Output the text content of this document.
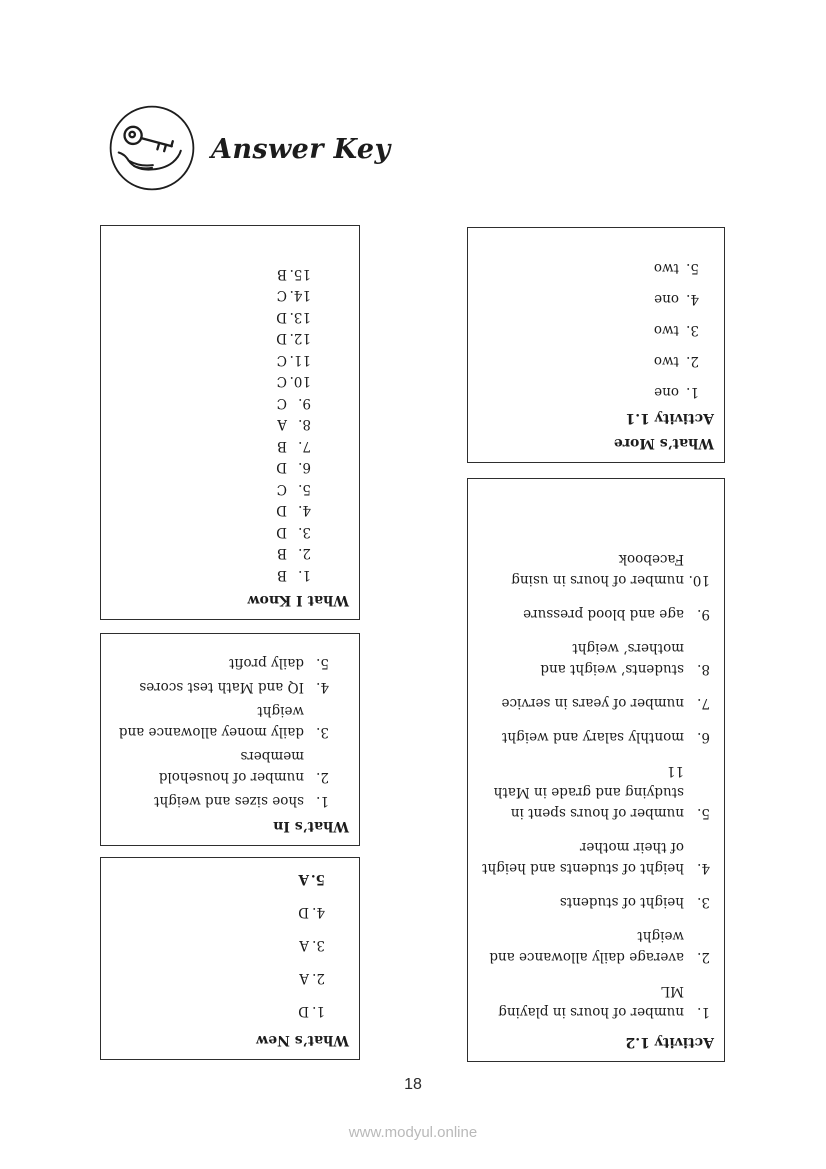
Answer Key
What I Know
1.
B
2.
B
3.
D
4.
D
5.
C
6.
D
7.
B
8.
A
9.
C
10.
C
11.
C
12.
D
13.
D
14.
C
15.
B
What’s In
1.
shoe sizes and weight
2.
number of household members
3.
daily money allowance and weight
4.
IQ and Math test scores
5.
daily profit
What’s New
1.
D
2.
A
3.
A
4.
D
5.
A
What’s More
Activity 1.1
1.
one
2.
two
3.
two
4.
one
5.
two
Activity 1.2
1.
number of hours in playing ML
2.
average daily allowance and weight
3.
height of students
4.
height of students and height of their mother
5.
number of hours spent in studying and grade in Math 11
6.
monthly salary and weight
7.
number of years in service
8.
students’ weight and mothers’ weight
9.
age and blood pressure
10.
number of hours in using Facebook
18
www.modyul.online
